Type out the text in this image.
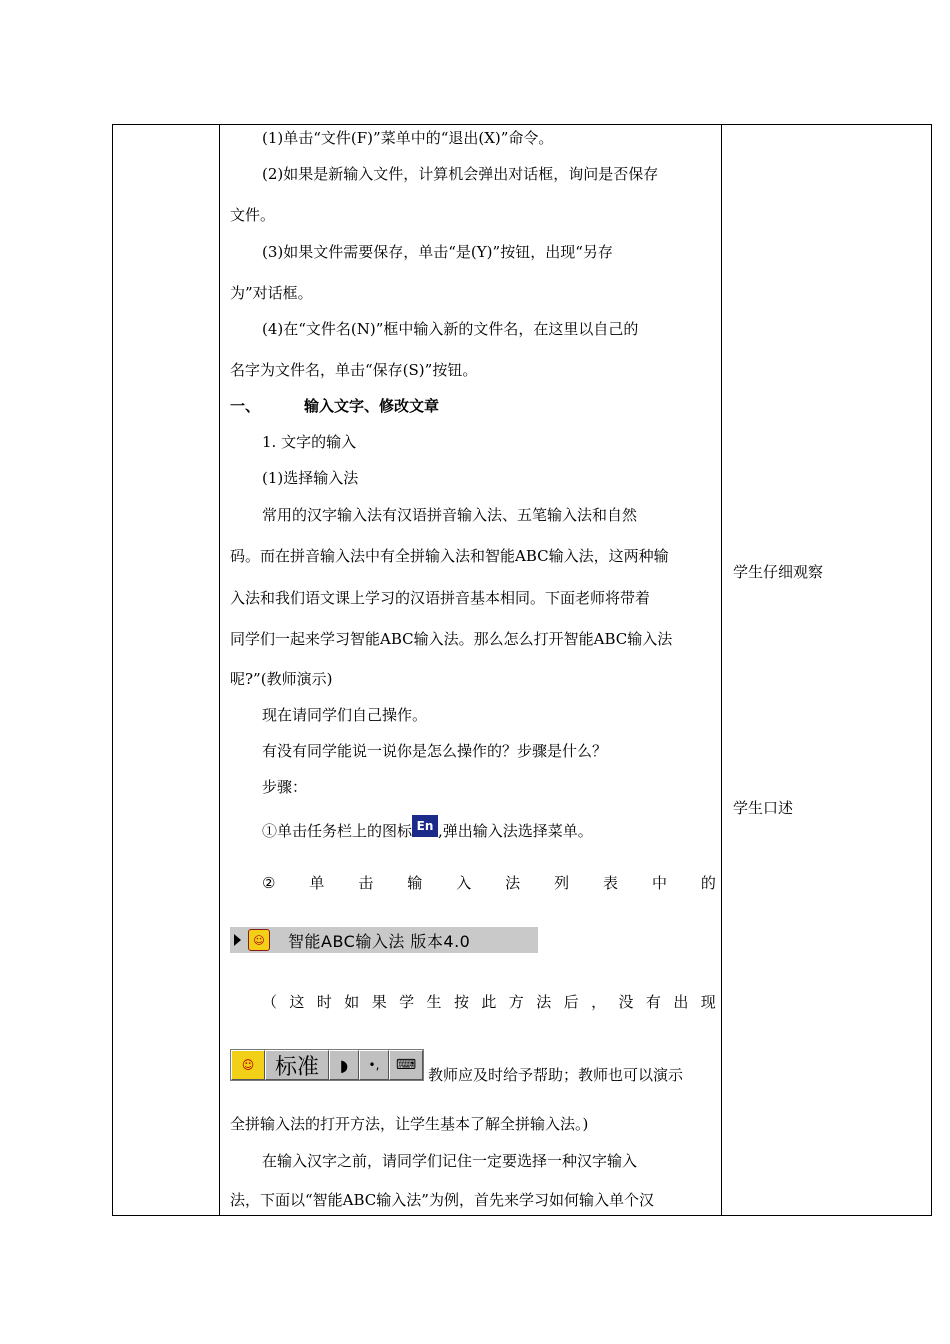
(1)单击“文件(F)”菜单中的“退出(X)”命令。
(2)如果是新输入文件，计算机会弹出对话框，询问是否保存
文件。
(3)如果文件需要保存，单击“是(Y)”按钮，出现“另存
为”对话框。
(4)在“文件名(N)”框中输入新的文件名，在这里以自己的
名字为文件名，单击“保存(S)”按钮。
一、	输入文字、修改文章
1. 文字的输入
(1)选择输入法
常用的汉字输入法有汉语拼音输入法、五笔输入法和自然
码。而在拼音输入法中有全拼输入法和智能ABC输入法，这两种输
入法和我们语文课上学习的汉语拼音基本相同。下面老师将带着
同学们一起来学习智能ABC输入法。那么怎么打开智能ABC输入法
呢?”(教师演示)
现在请同学们自己操作。
有没有同学能说一说你是怎么操作的？步骤是什么？
步骤：
①单击任务栏上的图标 En ,弹出输入法选择菜单。
② 单 击 输 入 法 列 表 中 的
☺	智能ABC输入法 版本4.0
（ 这 时 如 果 学 生 按 此 方 法 后 ， 没 有 出 现
☺ 标准	◗	•,	⌨
教师应及时给予帮助；教师也可以演示
全拼输入法的打开方法，让学生基本了解全拼输入法。)
在输入汉字之前，请同学们记住一定要选择一种汉字输入
法，下面以“智能ABC输入法”为例，首先来学习如何输入单个汉
学生仔细观察
学生口述
